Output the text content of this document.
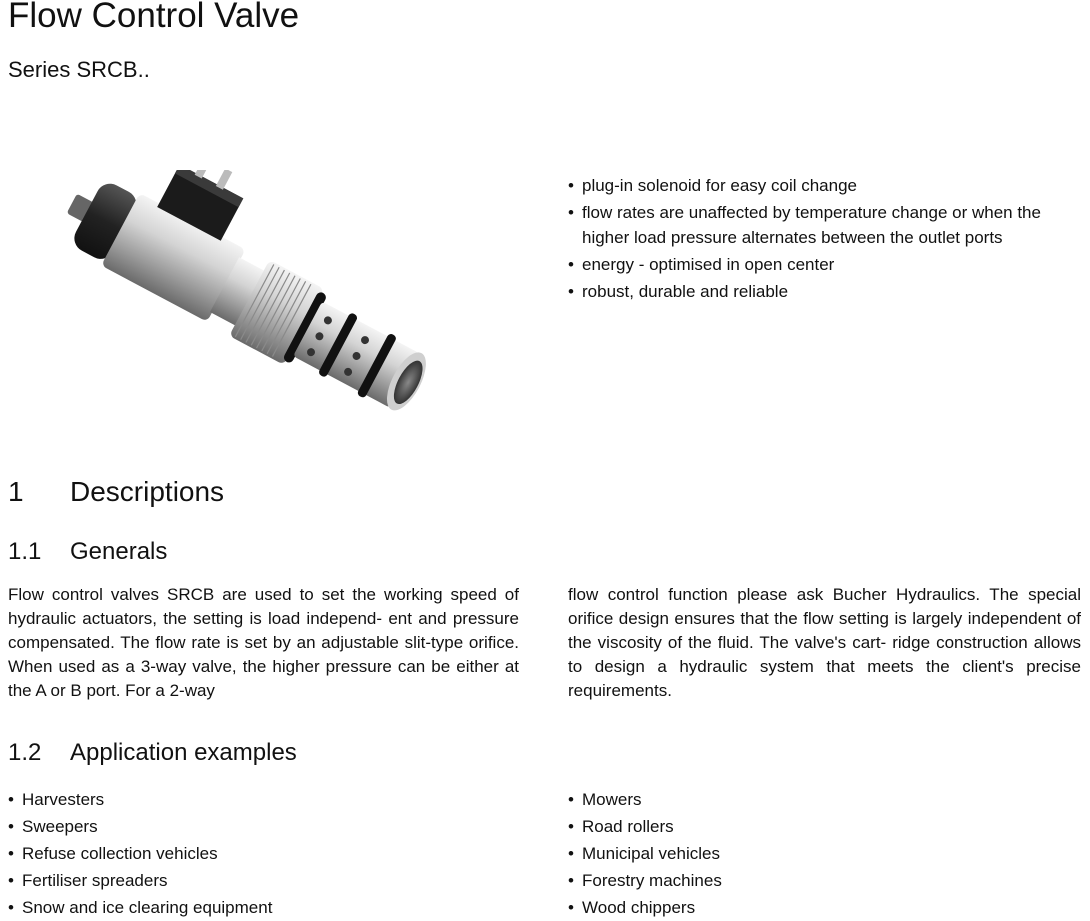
Flow Control Valve
Series SRCB..
• plug-in solenoid for easy coil change
• flow rates are unaffected by temperature change or when the higher load pressure alternates between the outlet ports
• energy - optimised in open center
• robust, durable and reliable
1 Descriptions
1.1 Generals

Flow control valves SRCB are used to set the working speed of hydraulic actuators, the setting is load independ- ent and pressure compensated. The flow rate is set by an adjustable slit-type orifice. When used as a 3-way valve, the higher pressure can be either at the A or B port. For a 2-way

flow control function please ask Bucher Hydraulics. The special orifice design ensures that the flow setting is largely independent of the viscosity of the fluid. The valve's cart- ridge construction allows to design a hydraulic system that meets the client's precise requirements.

1.2 Application examples
• Harvesters
• Sweepers
• Refuse collection vehicles
• Fertiliser spreaders
• Snow and ice clearing equipment
• Mowers
• Road rollers
• Municipal vehicles
• Forestry machines
• Wood chippers
